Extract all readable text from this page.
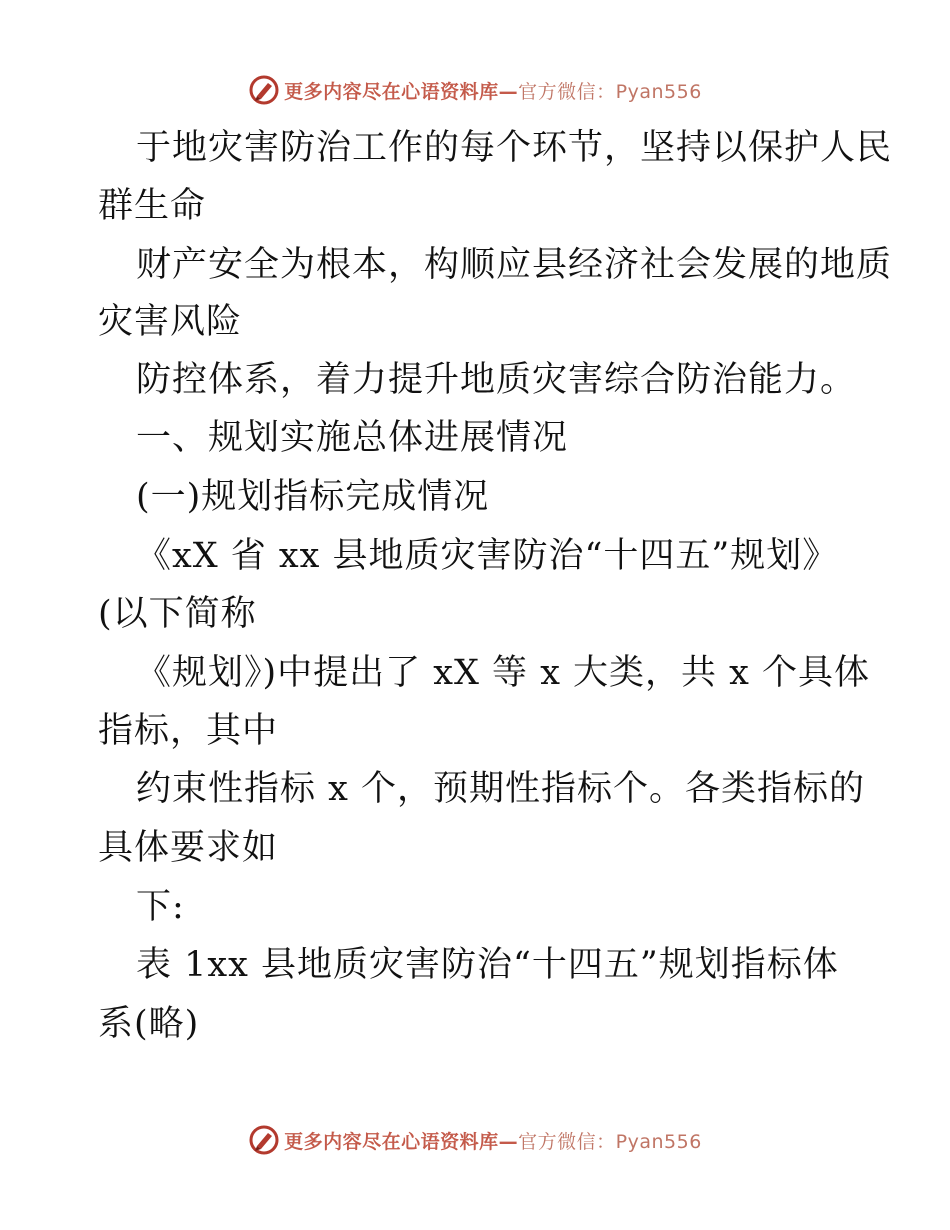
更多内容尽在心语资料库—官方微信：Pyan556
于地灾害防治工作的每个环节，坚持以保护人民
群生命
财产安全为根本，构顺应县经济社会发展的地质
灾害风险
防控体系，着力提升地质灾害综合防治能力。
一、规划实施总体进展情况
(一)规划指标完成情况
《xX 省 xx 县地质灾害防治“十四五”规划》
(以下简称
《规划》)中提出了 xX 等 x 大类，共 x 个具体
指标，其中
约束性指标 x 个，预期性指标个。各类指标的
具体要求如
下:
表 1xx 县地质灾害防治“十四五”规划指标体
系(略)
更多内容尽在心语资料库—官方微信：Pyan556
